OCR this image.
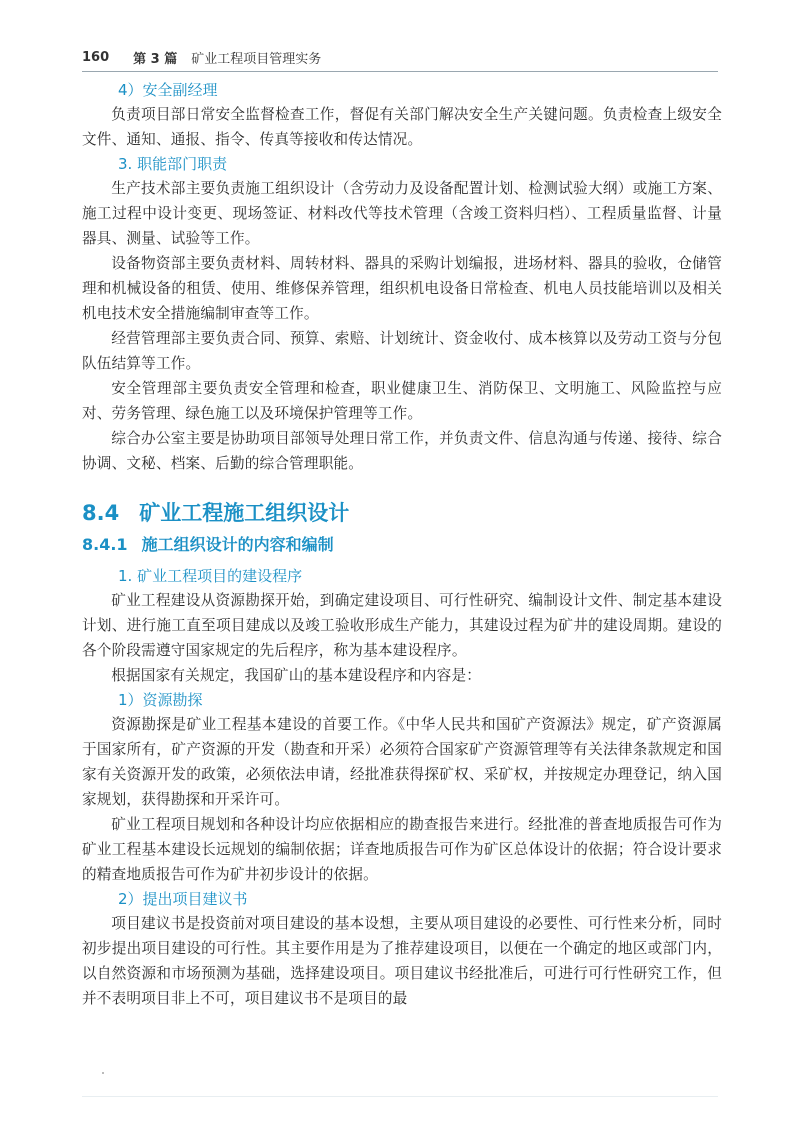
160 第 3 篇 矿业工程项目管理实务
4）安全副经理

负责项目部日常安全监督检查工作，督促有关部门解决安全生产关键问题。负责检查上级安全文件、通知、通报、指令、传真等接收和传达情况。

3. 职能部门职责

生产技术部主要负责施工组织设计（含劳动力及设备配置计划、检测试验大纲）或施工方案、施工过程中设计变更、现场签证、材料改代等技术管理（含竣工资料归档）、工程质量监督、计量器具、测量、试验等工作。

设备物资部主要负责材料、周转材料、器具的采购计划编报，进场材料、器具的验收，仓储管理和机械设备的租赁、使用、维修保养管理，组织机电设备日常检查、机电人员技能培训以及相关机电技术安全措施编制审查等工作。

经营管理部主要负责合同、预算、索赔、计划统计、资金收付、成本核算以及劳动工资与分包队伍结算等工作。

安全管理部主要负责安全管理和检查，职业健康卫生、消防保卫、文明施工、风险监控与应对、劳务管理、绿色施工以及环境保护管理等工作。

综合办公室主要是协助项目部领导处理日常工作，并负责文件、信息沟通与传递、接待、综合协调、文秘、档案、后勤的综合管理职能。

8.4 矿业工程施工组织设计
8.4.1 施工组织设计的内容和编制
1. 矿业工程项目的建设程序

矿业工程建设从资源勘探开始，到确定建设项目、可行性研究、编制设计文件、制定基本建设计划、进行施工直至项目建成以及竣工验收形成生产能力，其建设过程为矿井的建设周期。建设的各个阶段需遵守国家规定的先后程序，称为基本建设程序。

根据国家有关规定，我国矿山的基本建设程序和内容是：

1）资源勘探

资源勘探是矿业工程基本建设的首要工作。《中华人民共和国矿产资源法》规定，矿产资源属于国家所有，矿产资源的开发（勘查和开采）必须符合国家矿产资源管理等有关法律条款规定和国家有关资源开发的政策，必须依法申请，经批准获得探矿权、采矿权，并按规定办理登记，纳入国家规划，获得勘探和开采许可。

矿业工程项目规划和各种设计均应依据相应的勘查报告来进行。经批准的普查地质报告可作为矿业工程基本建设长远规划的编制依据；详查地质报告可作为矿区总体设计的依据；符合设计要求的精查地质报告可作为矿井初步设计的依据。

2）提出项目建议书

项目建议书是投资前对项目建设的基本设想，主要从项目建设的必要性、可行性来分析，同时初步提出项目建设的可行性。其主要作用是为了推荐建设项目，以便在一个确定的地区或部门内，以自然资源和市场预测为基础，选择建设项目。项目建议书经批准后，可进行可行性研究工作，但并不表明项目非上不可，项目建议书不是项目的最
